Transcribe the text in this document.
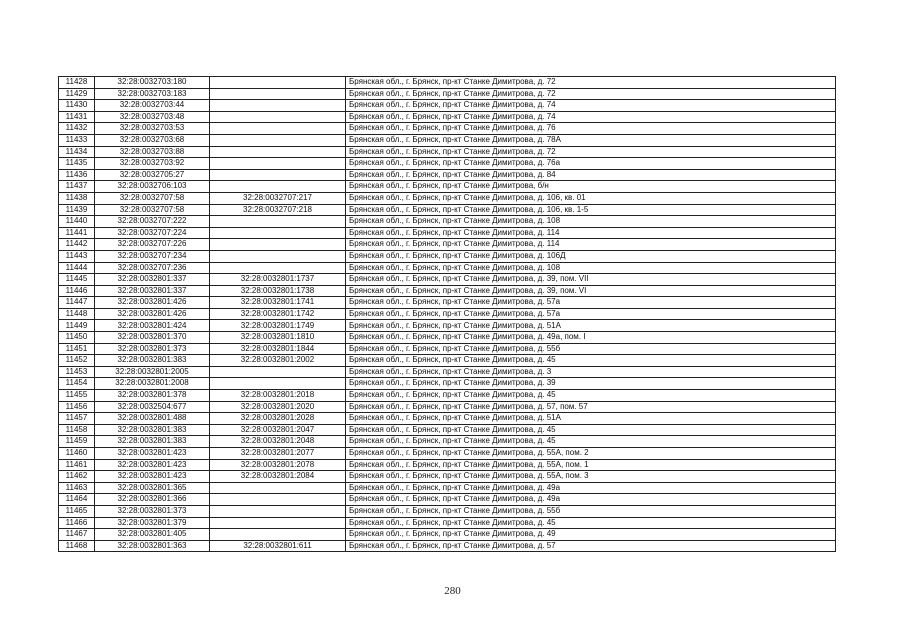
11428	32:28:0032703:180		Брянская обл., г. Брянск, пр-кт Станке Димитрова, д. 72
11429	32:28:0032703:183		Брянская обл., г. Брянск, пр-кт Станке Димитрова, д. 72
11430	32:28:0032703:44		Брянская обл., г. Брянск, пр-кт Станке Димитрова, д. 74
11431	32:28:0032703:48		Брянская обл., г. Брянск, пр-кт Станке Димитрова, д. 74
11432	32:28:0032703:53		Брянская обл., г. Брянск, пр-кт Станке Димитрова, д. 76
11433	32:28:0032703:68		Брянская обл., г. Брянск, пр-кт Станке Димитрова, д. 78А
11434	32:28:0032703:88		Брянская обл., г. Брянск, пр-кт Станке Димитрова, д. 72
11435	32:28:0032703:92		Брянская обл., г. Брянск, пр-кт Станке Димитрова, д. 76а
11436	32:28:0032705:27		Брянская обл., г. Брянск, пр-кт Станке Димитрова, д. 84
11437	32:28:0032706:103		Брянская обл., г. Брянск, пр-кт Станке Димитрова, б/н
11438	32:28:0032707:58	32:28:0032707:217	Брянская обл., г. Брянск, пр-кт Станке Димитрова, д. 106, кв. 01
11439	32:28:0032707:58	32:28:0032707:218	Брянская обл., г. Брянск, пр-кт Станке Димитрова, д. 106, кв. 1-5
11440	32:28:0032707:222		Брянская обл., г. Брянск, пр-кт Станке Димитрова, д. 108
11441	32:28:0032707:224		Брянская обл., г. Брянск, пр-кт Станке Димитрова, д. 114
11442	32:28:0032707:226		Брянская обл., г. Брянск, пр-кт Станке Димитрова, д. 114
11443	32:28:0032707:234		Брянская обл., г. Брянск, пр-кт Станке Димитрова, д. 106Д
11444	32:28:0032707:236		Брянская обл., г. Брянск, пр-кт Станке Димитрова, д. 108
11445	32:28:0032801:337	32:28:0032801:1737	Брянская обл., г. Брянск, пр-кт Станке Димитрова, д. 39, пом. VII
11446	32:28:0032801:337	32:28:0032801:1738	Брянская обл., г. Брянск, пр-кт Станке Димитрова, д. 39, пом. VI
11447	32:28:0032801:426	32:28:0032801:1741	Брянская обл., г. Брянск, пр-кт Станке Димитрова, д. 57а
11448	32:28:0032801:426	32:28:0032801:1742	Брянская обл., г. Брянск, пр-кт Станке Димитрова, д. 57а
11449	32:28:0032801:424	32:28:0032801:1749	Брянская обл., г. Брянск, пр-кт Станке Димитрова, д. 51А
11450	32:28:0032801:370	32:28:0032801:1810	Брянская обл., г. Брянск, пр-кт Станке Димитрова, д. 49а, пом. I
11451	32:28:0032801:373	32:28:0032801:1844	Брянская обл., г. Брянск, пр-кт Станке Димитрова, д. 55б
11452	32:28:0032801:383	32:28:0032801:2002	Брянская обл., г. Брянск, пр-кт Станке Димитрова, д. 45
11453	32:28:0032801:2005		Брянская обл., г. Брянск, пр-кт Станке Димитрова, д. 3
11454	32:28:0032801:2008		Брянская обл., г. Брянск, пр-кт Станке Димитрова, д. 39
11455	32:28:0032801:378	32:28:0032801:2018	Брянская обл., г. Брянск, пр-кт Станке Димитрова, д. 45
11456	32:28:0032504:677	32:28:0032801:2020	Брянская обл., г. Брянск, пр-кт Станке Димитрова, д. 57, пом. 57
11457	32:28:0032801:488	32:28:0032801:2028	Брянская обл., г. Брянск, пр-кт Станке Димитрова, д. 51А
11458	32:28:0032801:383	32:28:0032801:2047	Брянская обл., г. Брянск, пр-кт Станке Димитрова, д. 45
11459	32:28:0032801:383	32:28:0032801:2048	Брянская обл., г. Брянск, пр-кт Станке Димитрова, д. 45
11460	32:28:0032801:423	32:28:0032801:2077	Брянская обл., г. Брянск, пр-кт Станке Димитрова, д. 55А, пом. 2
11461	32:28:0032801:423	32:28:0032801:2078	Брянская обл., г. Брянск, пр-кт Станке Димитрова, д. 55А, пом. 1
11462	32:28:0032801:423	32:28:0032801:2084	Брянская обл., г. Брянск, пр-кт Станке Димитрова, д. 55А, пом. 3
11463	32:28:0032801:365		Брянская обл., г. Брянск, пр-кт Станке Димитрова, д. 49а
11464	32:28:0032801:366		Брянская обл., г. Брянск, пр-кт Станке Димитрова, д. 49а
11465	32:28:0032801:373		Брянская обл., г. Брянск, пр-кт Станке Димитрова, д. 55б
11466	32:28:0032801:379		Брянская обл., г. Брянск, пр-кт Станке Димитрова, д. 45
11467	32:28:0032801:405		Брянская обл., г. Брянск, пр-кт Станке Димитрова, д. 49
11468	32:28:0032801:363	32:28:0032801:611	Брянская обл., г. Брянск, пр-кт Станке Димитрова, д. 57
280
